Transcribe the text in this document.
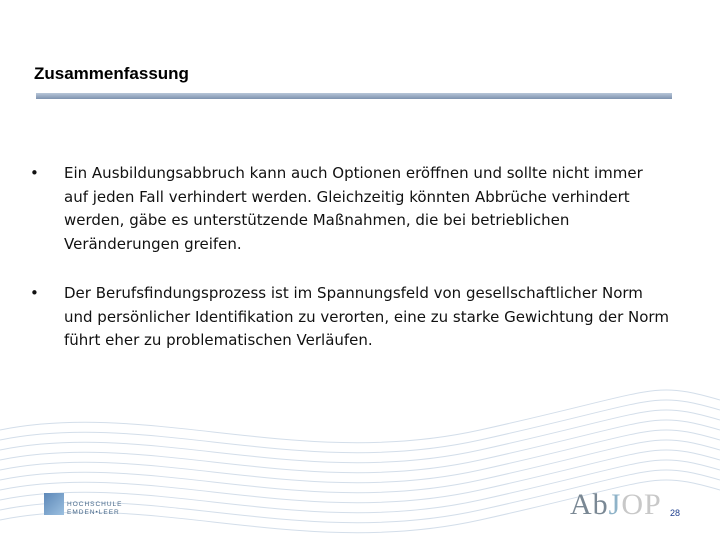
Zusammenfassung
• Ein Ausbildungsabbruch kann auch Optionen eröffnen und sollte nicht immer auf jeden Fall verhindert werden. Gleichzeitig könnten Abbrüche verhindert werden, gäbe es unterstützende Maßnahmen, die bei betrieblichen Veränderungen greifen.
• Der Berufsfindungsprozess ist im Spannungsfeld von gesellschaftlicher Norm und persönlicher Identifikation zu verorten, eine zu starke Gewichtung der Norm führt eher zu problematischen Verläufen.
HOCHSCHULE
EMDEN•LEER	AbJOP 28
